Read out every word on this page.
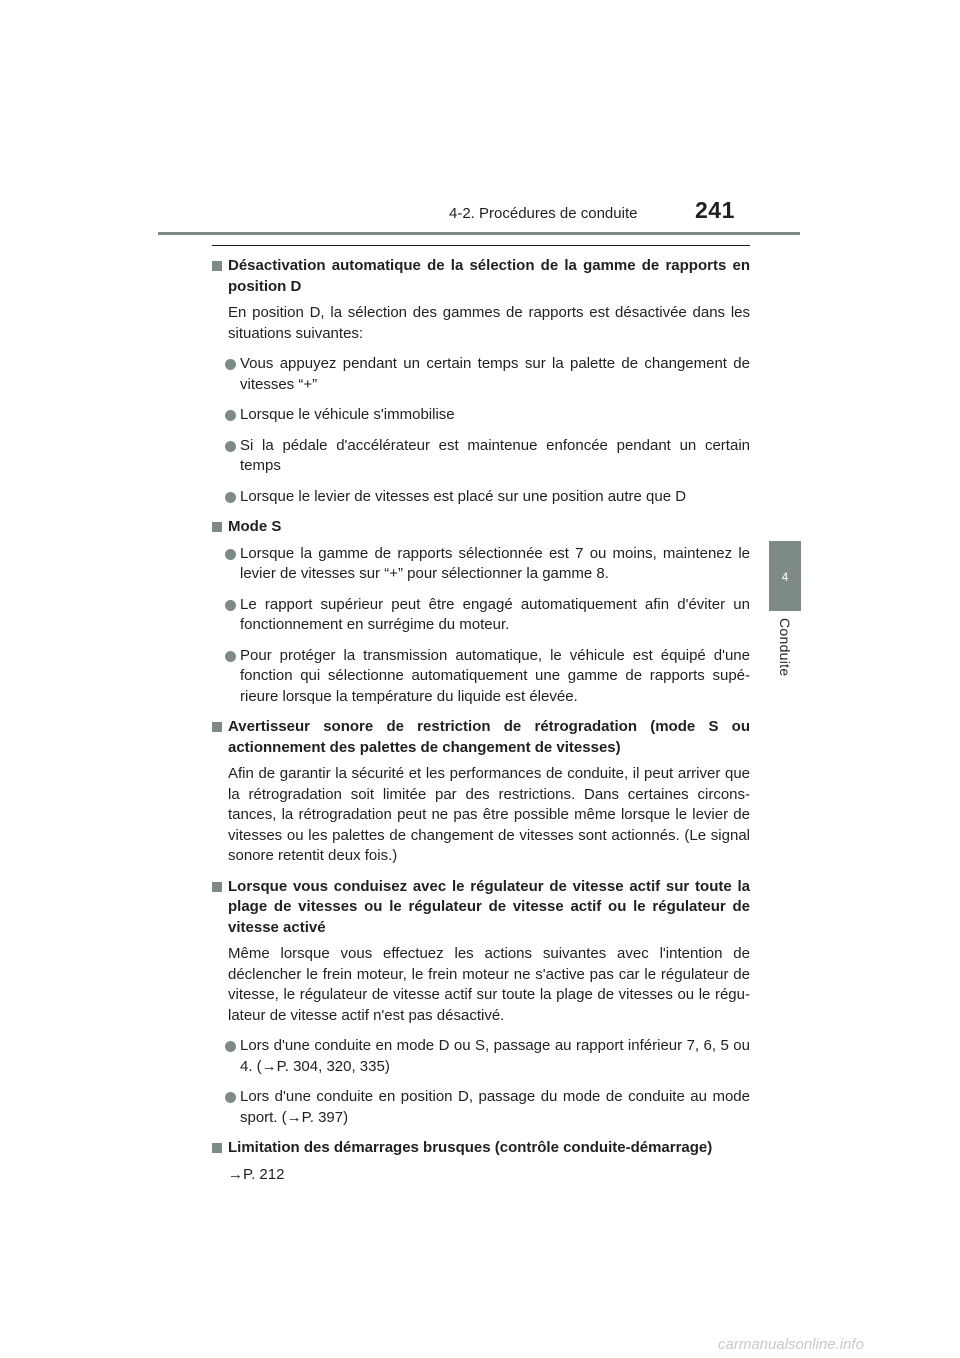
4-2. Procédures de conduite	241
4
Conduite
Désactivation automatique de la sélection de la gamme de rapports en position D
En position D, la sélection des gammes de rapports est désactivée dans les situations suivantes:
Vous appuyez pendant un certain temps sur la palette de changement de vitesses “+”
Lorsque le véhicule s'immobilise
Si la pédale d'accélérateur est maintenue enfoncée pendant un certain temps
Lorsque le levier de vitesses est placé sur une position autre que D
Mode S
Lorsque la gamme de rapports sélectionnée est 7 ou moins, maintenez le levier de vitesses sur “+” pour sélectionner la gamme 8.
Le rapport supérieur peut être engagé automatiquement afin d'éviter un fonctionnement en surrégime du moteur.
Pour protéger la transmission automatique, le véhicule est équipé d'une fonction qui sélectionne automatiquement une gamme de rapports supé-rieure lorsque la température du liquide est élevée.
Avertisseur sonore de restriction de rétrogradation (mode S ou actionnement des palettes de changement de vitesses)
Afin de garantir la sécurité et les performances de conduite, il peut arriver que la rétrogradation soit limitée par des restrictions. Dans certaines circons-tances, la rétrogradation peut ne pas être possible même lorsque le levier de vitesses ou les palettes de changement de vitesses sont actionnés. (Le signal sonore retentit deux fois.)
Lorsque vous conduisez avec le régulateur de vitesse actif sur toute la plage de vitesses ou le régulateur de vitesse actif ou le régulateur de vitesse activé
Même lorsque vous effectuez les actions suivantes avec l'intention de déclencher le frein moteur, le frein moteur ne s'active pas car le régulateur de vitesse, le régulateur de vitesse actif sur toute la plage de vitesses ou le régu-lateur de vitesse actif n'est pas désactivé.
Lors d'une conduite en mode D ou S, passage au rapport inférieur 7, 6, 5 ou 4. (→P. 304, 320, 335)
Lors d'une conduite en position D, passage du mode de conduite au mode sport. (→P. 397)
Limitation des démarrages brusques (contrôle conduite-démarrage)
→P. 212
carmanualsonline.info
